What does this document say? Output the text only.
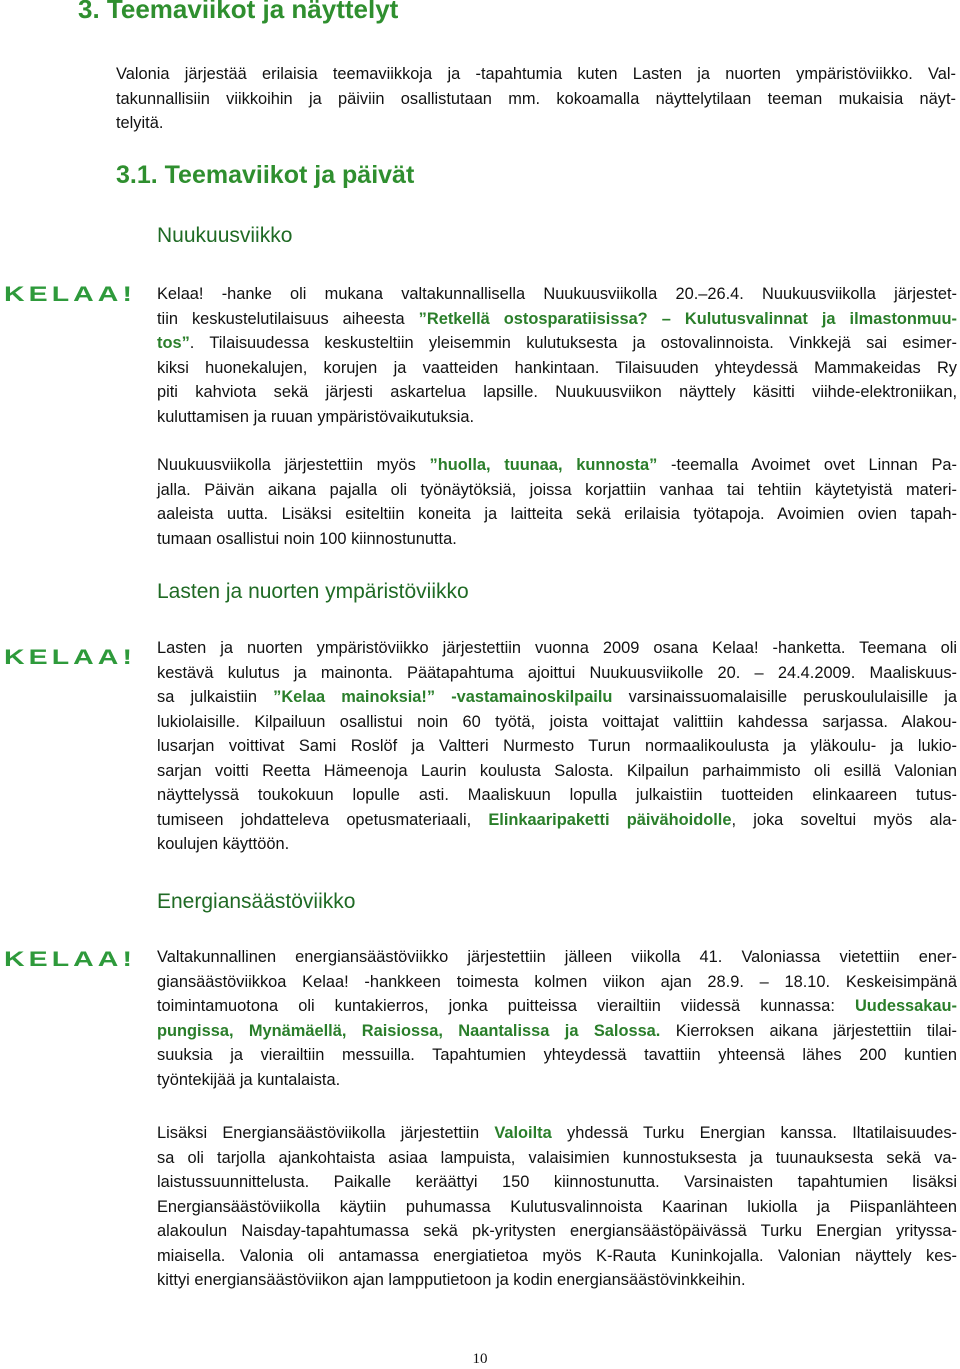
3. Teemaviikot ja näyttelyt

Valonia järjestää erilaisia teemaviikkoja ja -tapahtumia kuten Lasten ja nuorten ympäristöviikko. Val-
takunnallisiin viikkoihin ja päiviin osallistutaan mm. kokoamalla näyttelytilaan teeman mukaisia näyt-
telyitä.

3.1. Teemaviikot ja päivät
Nuukuusviikko
KELAA! Kelaa! -hanke oli mukana valtakunnallisella Nuukuusviikolla 20.–26.4. Nuukuusviikolla järjestet-
tiin keskustelutilaisuus aiheesta ”Retkellä ostosparatiisissa? – Kulutusvalinnat ja ilmastonmuu-
tos”. Tilaisuudessa keskusteltiin yleisemmin kulutuksesta ja ostovalinnoista. Vinkkejä sai esimer-
kiksi huonekalujen, korujen ja vaatteiden hankintaan. Tilaisuuden yhteydessä Mammakeidas Ry
piti kahviota sekä järjesti askartelua lapsille. Nuukuusviikon näyttely käsitti viihde-elektroniikan,
kuluttamisen ja ruuan ympäristövaikutuksia.
Nuukuusviikolla järjestettiin myös ”huolla, tuunaa, kunnosta” -teemalla Avoimet ovet Linnan Pa-
jalla. Päivän aikana pajalla oli työnäytöksiä, joissa korjattiin vanhaa tai tehtiin käytetyistä materi-
aaleista uutta. Lisäksi esiteltiin koneita ja laitteita sekä erilaisia työtapoja. Avoimien ovien tapah-
tumaan osallistui noin 100 kiinnostunutta.
Lasten ja nuorten ympäristöviikko
KELAA! Lasten ja nuorten ympäristöviikko järjestettiin vuonna 2009 osana Kelaa! -hanketta. Teemana oli
kestävä kulutus ja mainonta. Päätapahtuma ajoittui Nuukuusviikolle 20. – 24.4.2009. Maaliskuus-
sa julkaistiin ”Kelaa mainoksia!” -vastamainoskilpailu varsinaissuomalaisille peruskoululaisille ja
lukiolaisille. Kilpailuun osallistui noin 60 työtä, joista voittajat valittiin kahdessa sarjassa. Alakou-
lusarjan voittivat Sami Roslöf ja Valtteri Nurmesto Turun normaalikoulusta ja yläkoulu- ja lukio-
sarjan voitti Reetta Hämeenoja Laurin koulusta Salosta. Kilpailun parhaimmisto oli esillä Valonian
näyttelyssä toukokuun lopulle asti. Maaliskuun lopulla julkaistiin tuotteiden elinkaareen tutus-
tumiseen johdatteleva opetusmateriaali, Elinkaaripaketti päivähoidolle, joka soveltui myös ala-
koulujen käyttöön.
Energiansäästöviikko
KELAA! Valtakunnallinen energiansäästöviikko järjestettiin jälleen viikolla 41. Valoniassa vietettiin ener-
giansäästöviikkoa Kelaa! -hankkeen toimesta kolmen viikon ajan 28.9. – 18.10. Keskeisimpänä
toimintamuotona oli kuntakierros, jonka puitteissa vierailtiin viidessä kunnassa: Uudessakau-
pungissa, Mynämäellä, Raisiossa, Naantalissa ja Salossa. Kierroksen aikana järjestettiin tilai-
suuksia ja vierailtiin messuilla. Tapahtumien yhteydessä tavattiin yhteensä lähes 200 kuntien
työntekijää ja kuntalaista.
Lisäksi Energiansäästöviikolla järjestettiin Valoilta yhdessä Turku Energian kanssa. Iltatilaisuudes-
sa oli tarjolla ajankohtaista asiaa lampuista, valaisimien kunnostuksesta ja tuunauksesta sekä va-
laistussuunnittelusta. Paikalle keräättyi 150 kiinnostunutta. Varsinaisten tapahtumien lisäksi
Energiansäästöviikolla käytiin puhumassa Kulutusvalinnoista Kaarinan lukiolla ja Piispanlähteen
alakoulun Naisday-tapahtumassa sekä pk-yritysten energiansäästöpäivässä Turku Energian yrityssa-
miaisella. Valonia oli antamassa energiatietoa myös K-Rauta Kuninkojalla. Valonian näyttely kes-
kittyi energiansäästöviikon ajan lampputietoon ja kodin energiansäästövinkkeihin.
10
